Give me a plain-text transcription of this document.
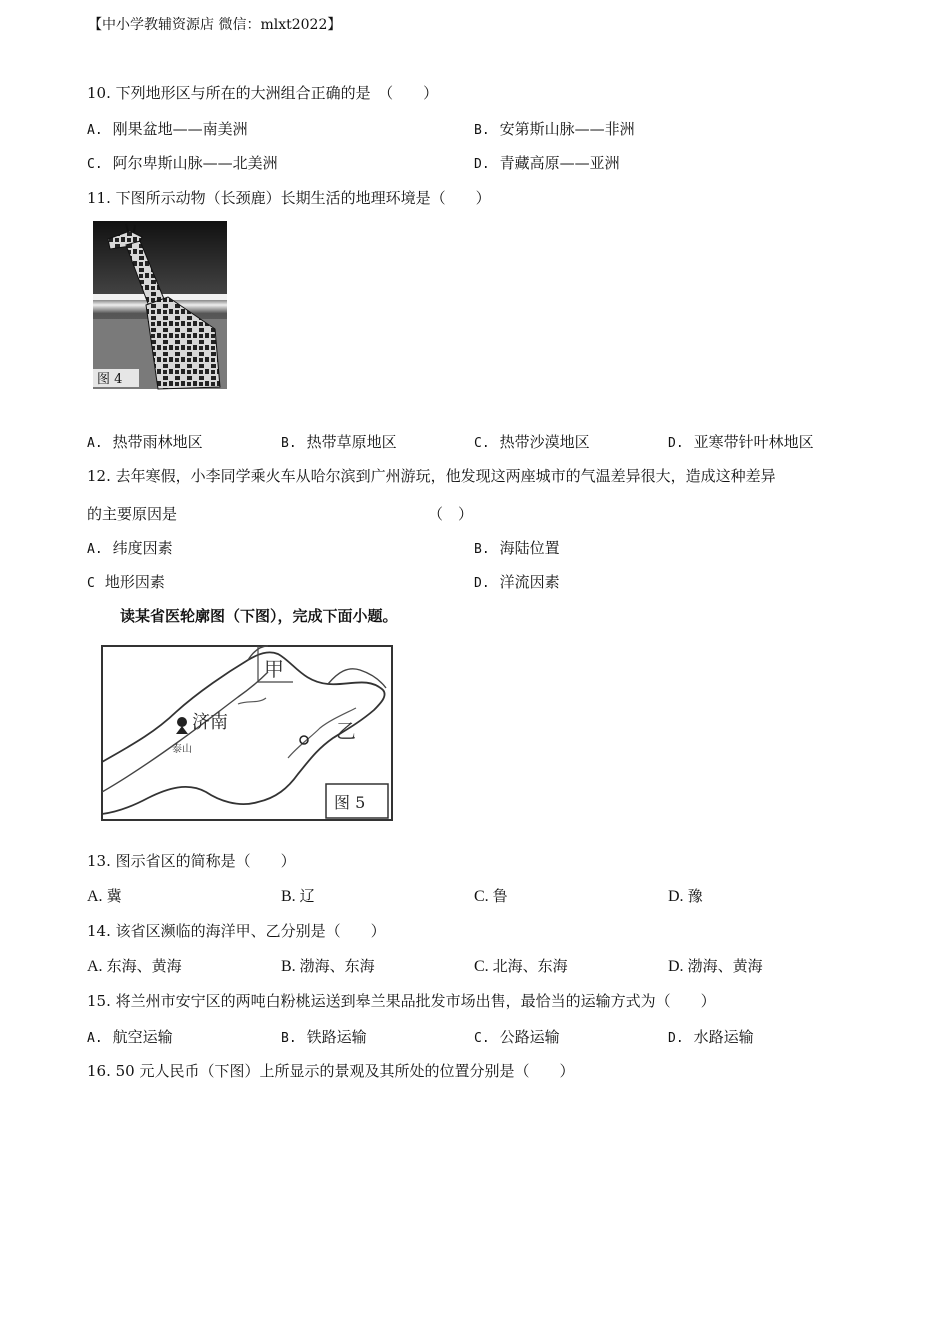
【中小学教辅资源店 微信：mlxt2022】
10. 下列地形区与所在的大洲组合正确的是　（　　）
A. 刚果盆地——南美洲	B. 安第斯山脉——非洲
C. 阿尔卑斯山脉——北美洲	D. 青藏高原——亚洲
11. 下图所示动物（长颈鹿）长期生活的地理环境是（　　）
图 4
A. 热带雨林地区	B. 热带草原地区	C. 热带沙漠地区	D. 亚寒带针叶林地区
12. 去年寒假，小李同学乘火车从哈尔滨到广州游玩，他发现这两座城市的气温差异很大，造成这种差异
的主要原因是	（　）
A. 纬度因素	B. 海陆位置
C 地形因素	D. 洋流因素
读某省医轮廓图（下图），完成下面小题。
甲
乙
济南
泰山
图 5
13. 图示省区的简称是（　　）
A. 冀	B. 辽	C. 鲁	D. 豫
14. 该省区濒临的海洋甲、乙分别是（　　）
A. 东海、黄海	B. 渤海、东海	C. 北海、东海	D. 渤海、黄海
15. 将兰州市安宁区的两吨白粉桃运送到皋兰果品批发市场出售，最恰当的运输方式为（　　）
A. 航空运输	B. 铁路运输	C. 公路运输	D. 水路运输
16. 50 元人民币（下图）上所显示的景观及其所处的位置分别是（　　）
